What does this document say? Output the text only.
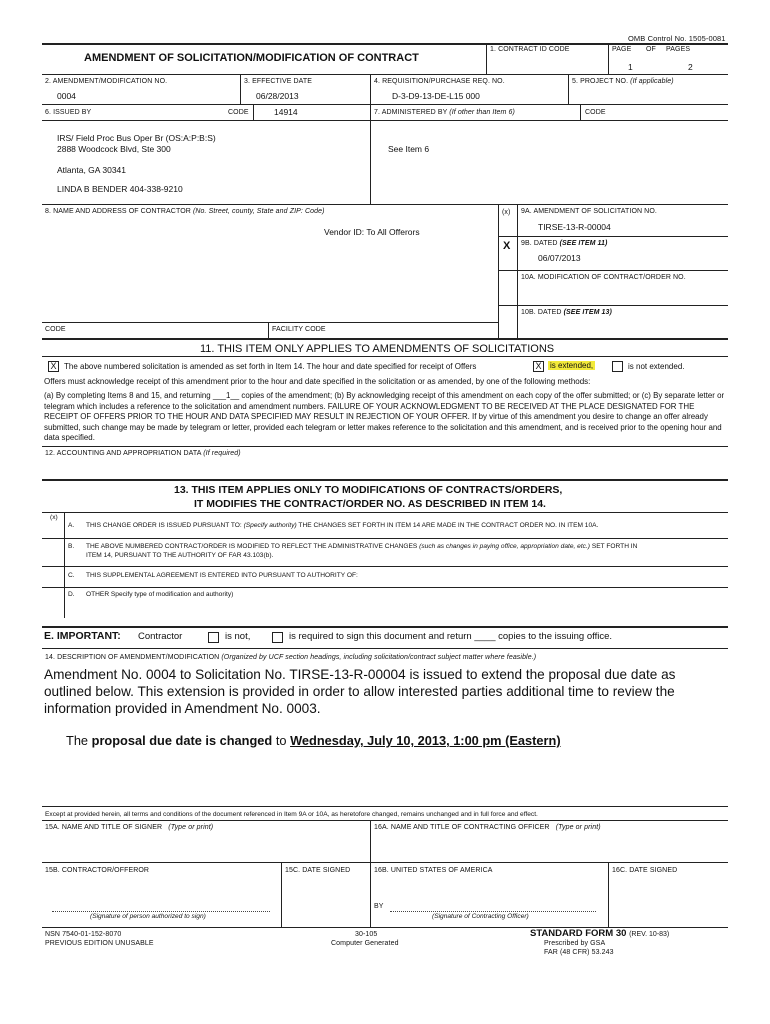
OMB Control No. 1505-0081
AMENDMENT OF SOLICITATION/MODIFICATION OF CONTRACT
1. CONTRACT ID CODE	PAGE OF PAGES
1	2
2. AMENDMENT/MODIFICATION NO.
0004
3. EFFECTIVE DATE
06/28/2013
4. REQUISITION/PURCHASE REQ. NO.
D-3-D9-13-DE-L15 000
5. PROJECT NO. (If applicable)
6. ISSUED BY	CODE	14914	7. ADMINISTERED BY (If other than Item 6)	CODE
IRS/ Field Proc Bus Oper Br (OS:A:P:B:S)
2888 Woodcock Blvd, Ste 300
Atlanta, GA 30341
LINDA B BENDER 404-338-9210
See Item 6
8. NAME AND ADDRESS OF CONTRACTOR (No. Street, county, State and ZIP: Code)
Vendor ID: To All Offerors
(x) 9A. AMENDMENT OF SOLICITATION NO.
TIRSE-13-R-00004
X 9B. DATED (SEE ITEM 11)
06/07/2013
10A. MODIFICATION OF CONTRACT/ORDER NO.
10B. DATED (SEE ITEM 13)
CODE	FACILITY CODE
11. THIS ITEM ONLY APPLIES TO AMENDMENTS OF SOLICITATIONS
X The above numbered solicitation is amended as set forth in Item 14. The hour and date specified for receipt of Offers	X	is extended,	is not extended.
Offers must acknowledge receipt of this amendment prior to the hour and date specified in the solicitation or as amended, by one of the following methods:
(a) By completing Items 8 and 15, and returning ___1__ copies of the amendment; (b) By acknowledging receipt of this amendment on each copy of the offer submitted; or (c) By separate letter or telegram which includes a reference to the solicitation and amendment numbers. FAILURE OF YOUR ACKNOWLEDGMENT TO BE RECEIVED AT THE PLACE DESIGNATED FOR THE RECEIPT OF OFFERS PRIOR TO THE HOUR AND DATA SPECIFIED MAY RESULT IN REJECTION OF YOUR OFFER. If by virtue of this amendment you desire to change an offer already submitted, such change may be made by telegram or letter, provided each telegram or letter makes reference to the solicitation and this amendment, and is received prior to the opening hour and data specified.
12. ACCOUNTING AND APPROPRIATION DATA (If required)
13. THIS ITEM APPLIES ONLY TO MODIFICATIONS OF CONTRACTS/ORDERS,
IT MODIFIES THE CONTRACT/ORDER NO. AS DESCRIBED IN ITEM 14.
(x)
A. THIS CHANGE ORDER IS ISSUED PURSUANT TO: (Specify authority) THE CHANGES SET FORTH IN ITEM 14 ARE MADE IN THE CONTRACT ORDER NO. IN ITEM 10A.
B. THE ABOVE NUMBERED CONTRACT/ORDER IS MODIFIED TO REFLECT THE ADMINISTRATIVE CHANGES (such as changes in paying office, appropriation date, etc.) SET FORTH IN
ITEM 14, PURSUANT TO THE AUTHORITY OF FAR 43.103(b).
C. THIS SUPPLEMENTAL AGREEMENT IS ENTERED INTO PURSUANT TO AUTHORITY OF:
D. OTHER Specify type of modification and authority)
E. IMPORTANT: Contractor	is not,	is required to sign this document and return ____ copies to the issuing office.
14. DESCRIPTION OF AMENDMENT/MODIFICATION (Organized by UCF section headings, including solicitation/contract subject matter where feasible.)
Amendment No. 0004 to Solicitation No. TIRSE-13-R-00004 is issued to extend the proposal due date as outlined below. This extension is provided in order to allow interested parties additional time to review the information provided in Amendment No. 0003.
The proposal due date is changed to Wednesday, July 10, 2013, 1:00 pm (Eastern)
Except at provided herein, all terms and conditions of the document referenced in Item 9A or 10A, as heretofore changed, remains unchanged and in full force and effect.
15A. NAME AND TITLE OF SIGNER (Type or print)	16A. NAME AND TITLE OF CONTRACTING OFFICER (Type or print)
15B. CONTRACTOR/OFFEROR	15C. DATE SIGNED	16B. UNITED STATES OF AMERICA	16C. DATE SIGNED
(Signature of person authorized to sign)
BY
(Signature of Contracting Officer)
NSN 7540-01-152-8070
PREVIOUS EDITION UNUSABLE
30-105
Computer Generated
STANDARD FORM 30 (REV. 10-83)
Prescribed by GSA
FAR (48 CFR) 53.243
